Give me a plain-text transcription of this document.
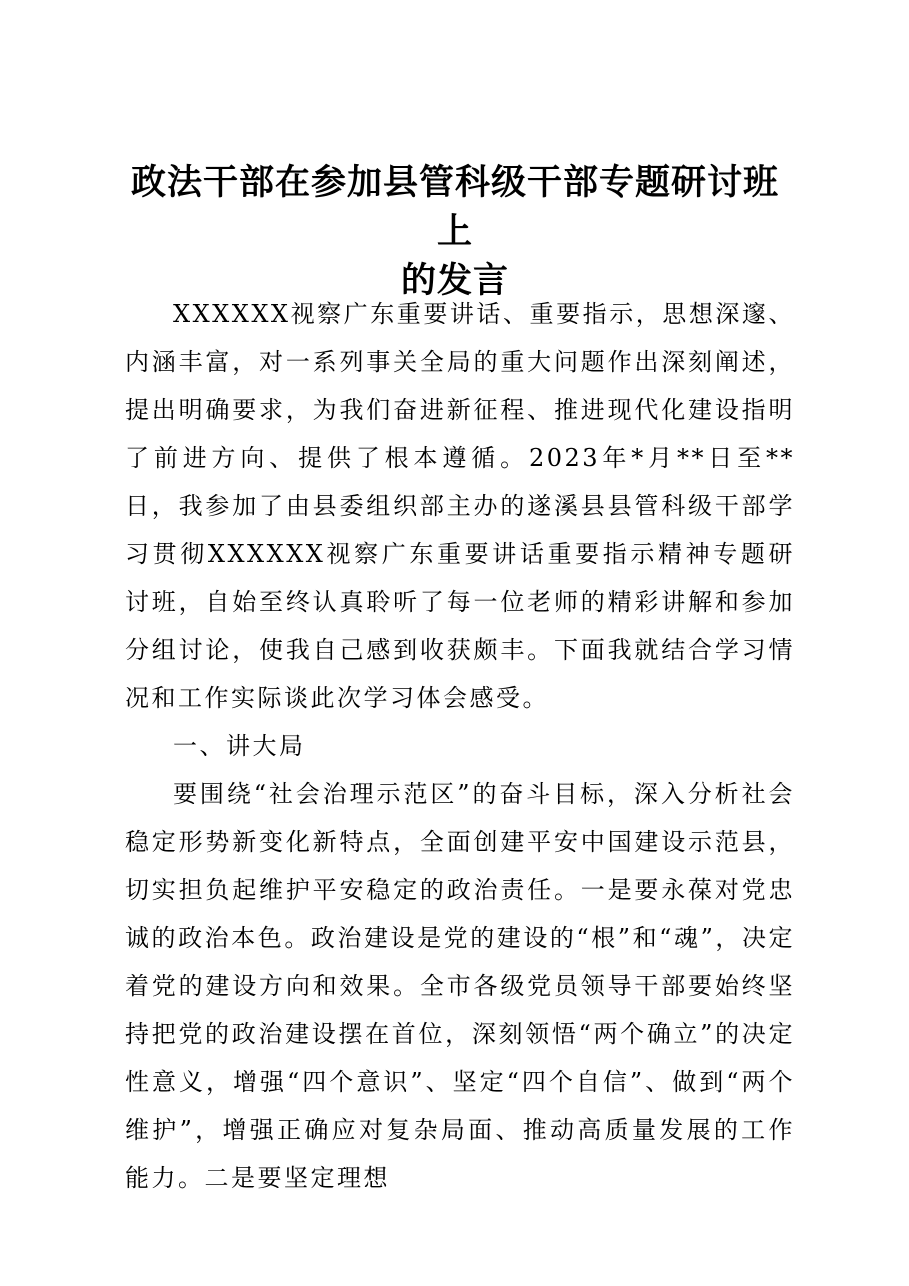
政法干部在参加县管科级干部专题研讨班上
的发言

XXXXXX视察广东重要讲话、重要指示，思想深邃、内涵丰富，对一系列事关全局的重大问题作出深刻阐述，提出明确要求，为我们奋进新征程、推进现代化建设指明了前进方向、提供了根本遵循。2023年*月**日至**日，我参加了由县委组织部主办的遂溪县县管科级干部学习贯彻XXXXXX视察广东重要讲话重要指示精神专题研讨班，自始至终认真聆听了每一位老师的精彩讲解和参加分组讨论，使我自己感到收获颇丰。下面我就结合学习情况和工作实际谈此次学习体会感受。

一、讲大局

要围绕“社会治理示范区”的奋斗目标，深入分析社会稳定形势新变化新特点，全面创建平安中国建设示范县，切实担负起维护平安稳定的政治责任。一是要永葆对党忠诚的政治本色。政治建设是党的建设的“根”和“魂”，决定着党的建设方向和效果。全市各级党员领导干部要始终坚持把党的政治建设摆在首位，深刻领悟“两个确立”的决定性意义，增强“四个意识”、坚定“四个自信”、做到“两个维护”，增强正确应对复杂局面、推动高质量发展的工作能力。二是要坚定理想
